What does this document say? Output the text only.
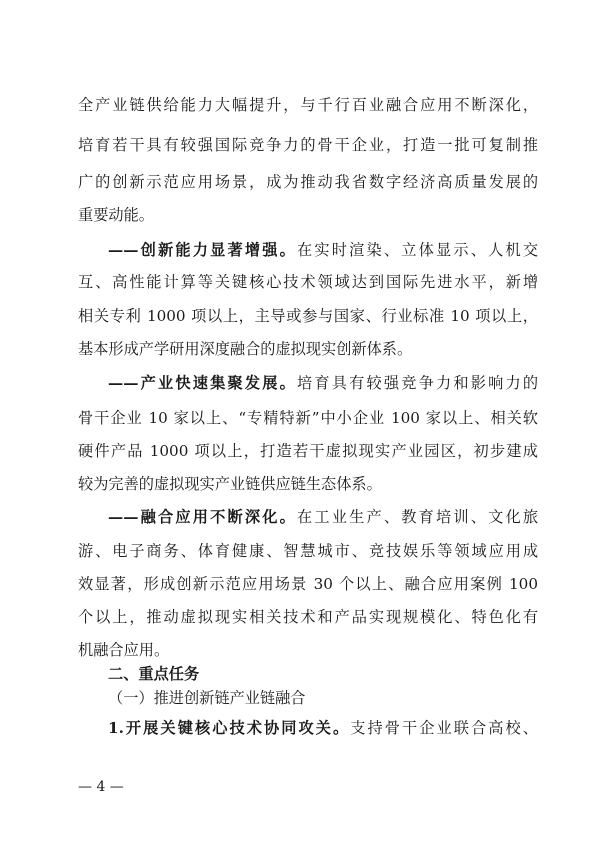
全产业链供给能力大幅提升，与千行百业融合应用不断深化，
培育若干具有较强国际竞争力的骨干企业，打造一批可复制推
广的创新示范应用场景，成为推动我省数字经济高质量发展的
重要动能。
——创新能力显著增强。在实时渲染、立体显示、人机交
互、高性能计算等关键核心技术领域达到国际先进水平，新增
相关专利 1000 项以上，主导或参与国家、行业标准 10 项以上，
基本形成产学研用深度融合的虚拟现实创新体系。
——产业快速集聚发展。培育具有较强竞争力和影响力的
骨干企业 10 家以上、“专精特新”中小企业 100 家以上、相关软
硬件产品 1000 项以上，打造若干虚拟现实产业园区，初步建成
较为完善的虚拟现实产业链供应链生态体系。
——融合应用不断深化。在工业生产、教育培训、文化旅
游、电子商务、体育健康、智慧城市、竞技娱乐等领域应用成
效显著，形成创新示范应用场景 30 个以上、融合应用案例 100
个以上，推动虚拟现实相关技术和产品实现规模化、特色化有
机融合应用。
二、重点任务
（一）推进创新链产业链融合
1.开展关键核心技术协同攻关。支持骨干企业联合高校、
— 4 —
